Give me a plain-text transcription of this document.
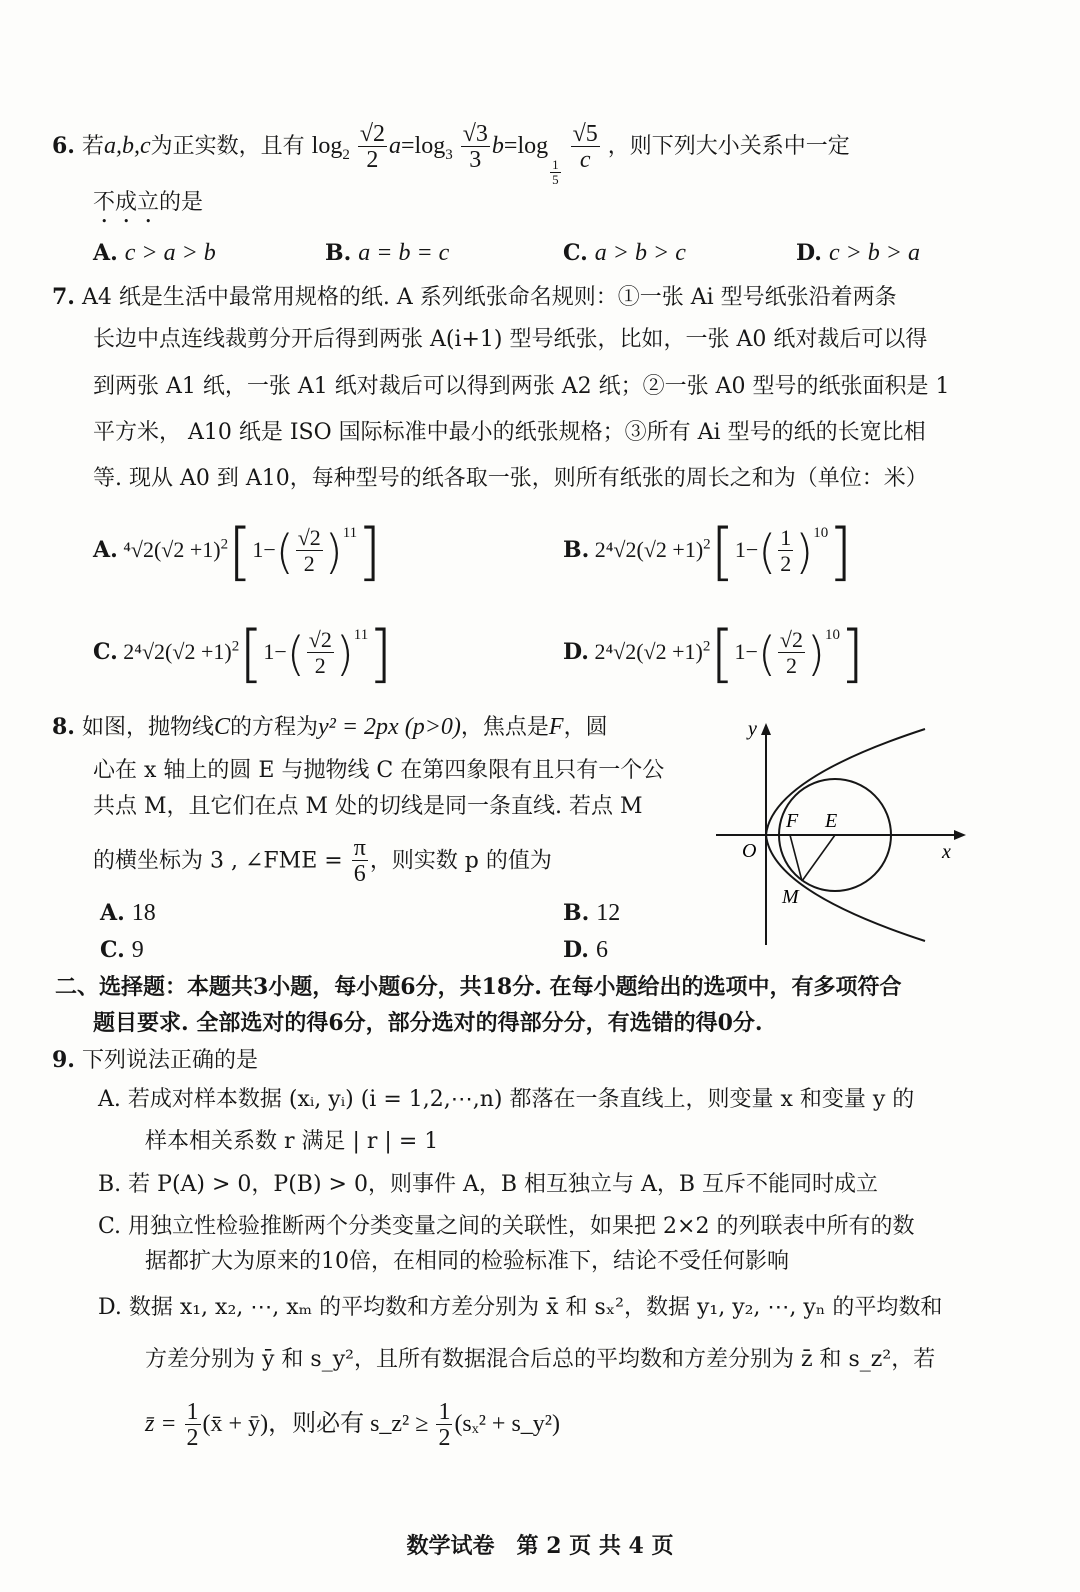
6. 若a,b,c为正实数，且有 $\log_2 \frac{√2}{2} a=\log_3 \frac{√3}{3} b=\log$
$\frac{1}{5}$
$\frac{√5}{c}$ ，则下列大小关系中一定
不成立的是
A. c > a > b	B. a = b = c	C. a > b > c	D. c > b > a
7. A4 纸是生活中最常用规格的纸. A 系列纸张命名规则：①一张 Ai 型号纸张沿着两条
长边中点连线裁剪分开后得到两张 A(i+1) 型号纸张，比如，一张 A0 纸对裁后可以得
到两张 A1 纸，一张 A1 纸对裁后可以得到两张 A2 纸；②一张 A0 型号的纸张面积是 1
平方米， A10 纸是 ISO 国际标准中最小的纸张规格；③所有 Ai 型号的纸的长宽比相
等. 现从 A0 到 A10，每种型号的纸各取一张，则所有纸张的周长之和为（单位：米）
A. $^4√2(√2 +1)^2[1-( \frac{√2}{2} )^{11}]$	B. $2^4√2(√2 +1)^2[1-( \frac{1}{2} )^{10}]$
C. $2^4√2(√2 +1)^2[1-( \frac{√2}{2} )^{11}]$	D. $2^4√2(√2 +1)^2[1-( \frac{√2}{2} )^{10}]$
8. 如图，抛物线C的方程为y² = 2px (p>0)，焦点是F，圆
心在 x 轴上的圆 E 与抛物线 C 在第四象限有且只有一个公
共点 M，且它们在点 M 处的切线是同一条直线. 若点 M
的横坐标为 3 , ∠FME = $\frac{\pi}{6}$ ，则实数 p 的值为
A. 18	B. 12
C. 9	D. 6
y
x
O
F E
M
二、选择题：本题共3小题，每小题6分，共18分. 在每小题给出的选项中，有多项符合
题目要求. 全部选对的得6分，部分选对的得部分分，有选错的得0分.
9. 下列说法正确的是
A. 若成对样本数据 (xᵢ, yᵢ) (i = 1,2,⋯,n) 都落在一条直线上，则变量 x 和变量 y 的
样本相关系数 r 满足 | r | = 1
B. 若 P(A) > 0，P(B) > 0，则事件 A，B 相互独立与 A，B 互斥不能同时成立
C. 用独立性检验推断两个分类变量之间的关联性，如果把 2×2 的列联表中所有的数
据都扩大为原来的10倍，在相同的检验标准下，结论不受任何影响
D. 数据 x₁, x₂, ⋯, xₘ 的平均数和方差分别为 x̄ 和 sₓ²，数据 y₁, y₂, ⋯, yₙ 的平均数和
方差分别为 ȳ 和 s_y²，且所有数据混合后总的平均数和方差分别为 z̄ 和 s_z²，若
z̄ = $\frac{1}{2}$ (x̄ + ȳ)，则必有 s_z² ≥ $\frac{1}{2} (s_x^2$ + s_y²)
数学试卷　第 2 页 共 4 页
